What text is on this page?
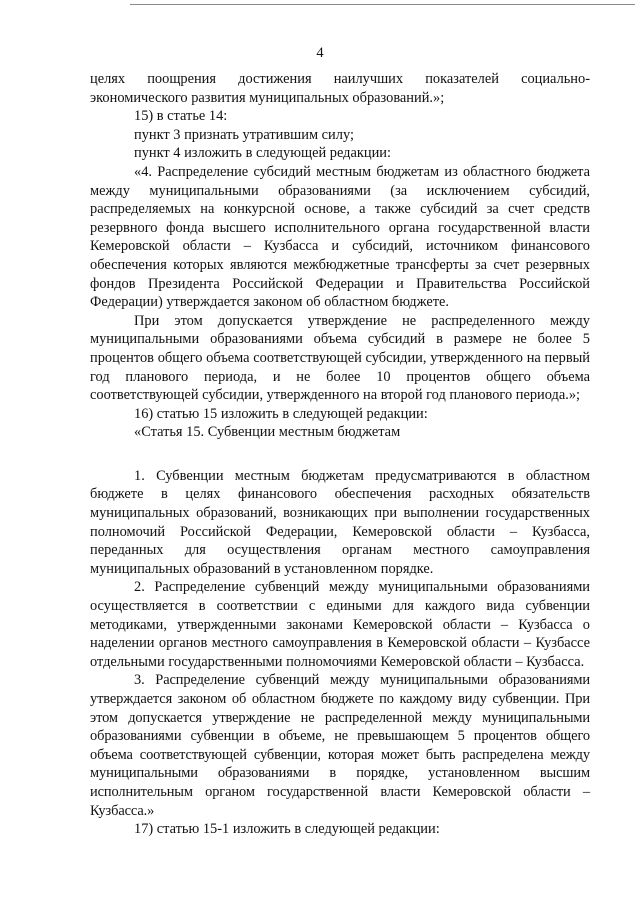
4

целях поощрения достижения наилучших показателей социально-экономического развития муниципальных образований.»;

15) в статье 14:

пункт 3 признать утратившим силу;

пункт 4 изложить в следующей редакции:

«4. Распределение субсидий местным бюджетам из областного бюджета между муниципальными образованиями (за исключением субсидий, распределяемых на конкурсной основе, а также субсидий за счет средств резервного фонда высшего исполнительного органа государственной власти Кемеровской области – Кузбасса и субсидий, источником финансового обеспечения которых являются межбюджетные трансферты за счет резервных фондов Президента Российской Федерации и Правительства Российской Федерации) утверждается законом об областном бюджете.

При этом допускается утверждение не распределенного между муниципальными образованиями объема субсидий в размере не более 5 процентов общего объема соответствующей субсидии, утвержденного на первый год планового периода, и не более 10 процентов общего объема соответствующей субсидии, утвержденного на второй год планового периода.»;

16) статью 15 изложить в следующей редакции:

«Статья 15. Субвенции местным бюджетам

1. Субвенции местным бюджетам предусматриваются в областном бюджете в целях финансового обеспечения расходных обязательств муниципальных образований, возникающих при выполнении государственных полномочий Российской Федерации, Кемеровской области – Кузбасса, переданных для осуществления органам местного самоуправления муниципальных образований в установленном порядке.

2. Распределение субвенций между муниципальными образованиями осуществляется в соответствии с едиными для каждого вида субвенции методиками, утвержденными законами Кемеровской области – Кузбасса о наделении органов местного самоуправления в Кемеровской области – Кузбассе отдельными государственными полномочиями Кемеровской области – Кузбасса.

3. Распределение субвенций между муниципальными образованиями утверждается законом об областном бюджете по каждому виду субвенции. При этом допускается утверждение не распределенной между муниципальными образованиями субвенции в объеме, не превышающем 5 процентов общего объема соответствующей субвенции, которая может быть распределена между муниципальными образованиями в порядке, установленном высшим исполнительным органом государственной власти Кемеровской области – Кузбасса.»

17) статью 15-1 изложить в следующей редакции:
